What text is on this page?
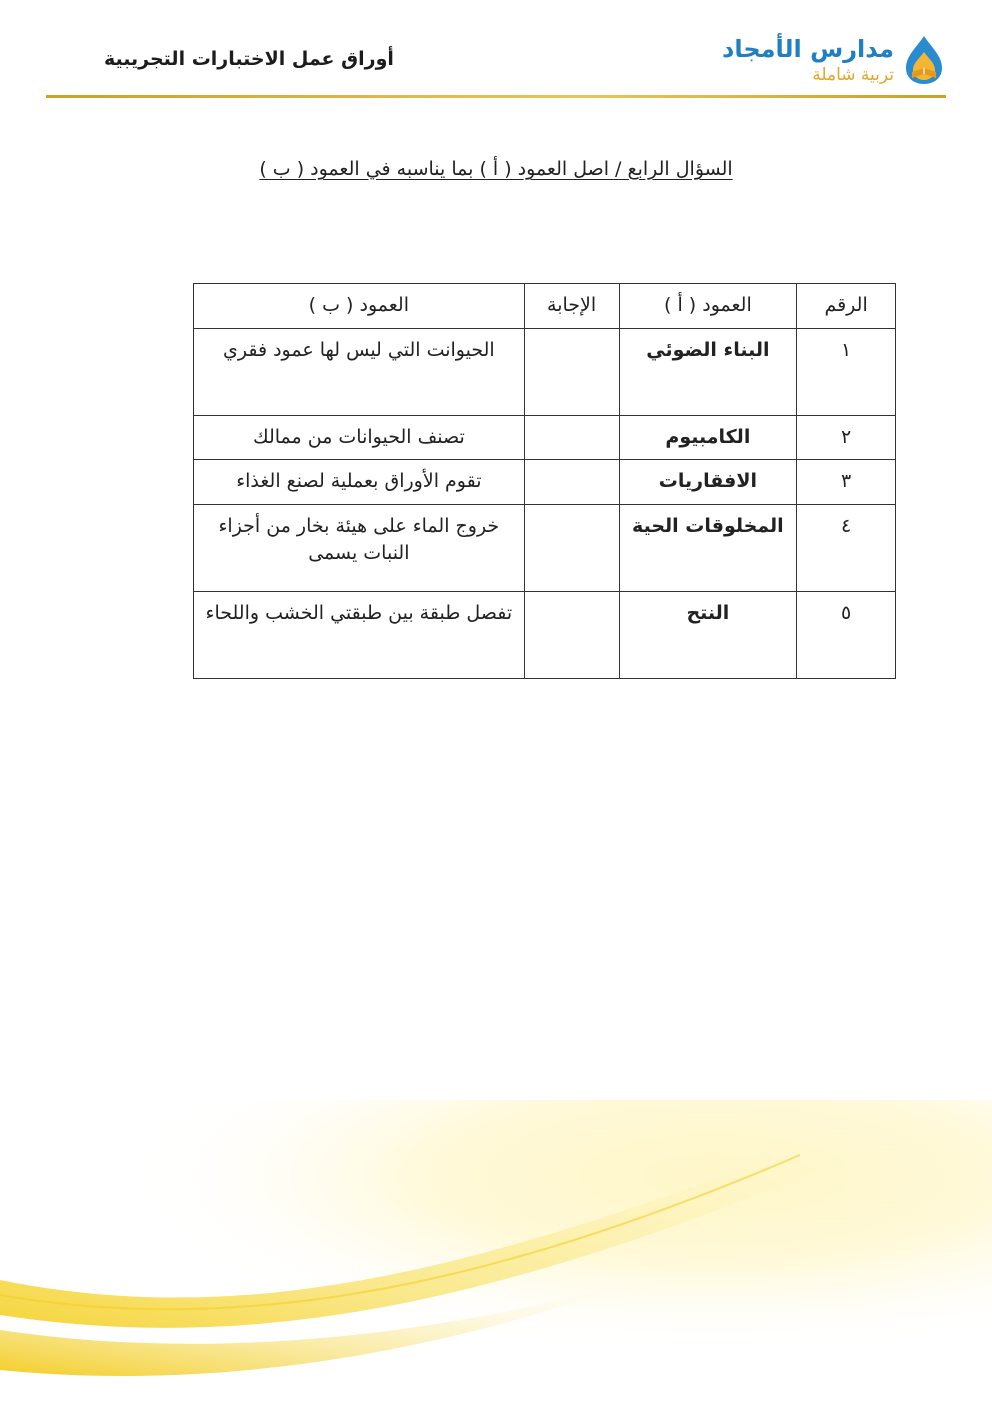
مدارس الأمجاد
تربية شاملة
أوراق عمل الاختبارات التجريبية
السؤال الرابع / اصل العمود ( أ ) بما يناسبه في العمود ( ب )
الرقم	العمود ( أ )	الإجابة	العمود ( ب )
١	البناء الضوئي		الحيوانت التي ليس لها عمود فقري
٢	الكامبيوم		تصنف الحيوانات من ممالك
٣	الافقاريات		تقوم الأوراق بعملية لصنع الغذاء
٤	المخلوقات الحية		خروج الماء على هيئة بخار من أجزاء النبات يسمى
٥	النتح		تفصل طبقة بين طبقتي الخشب واللحاء
